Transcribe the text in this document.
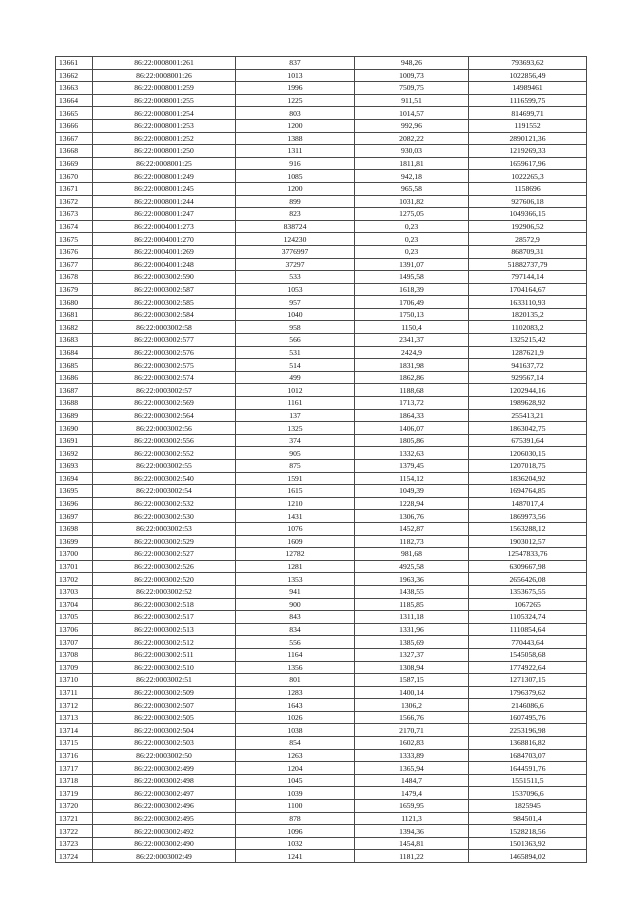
13661	86:22:0008001:261	837	948,26	793693,62
13662	86:22:0008001:26	1013	1009,73	1022856,49
13663	86:22:0008001:259	1996	7509,75	14989461
13664	86:22:0008001:255	1225	911,51	1116599,75
13665	86:22:0008001:254	803	1014,57	814699,71
13666	86:22:0008001:253	1200	992,96	1191552
13667	86:22:0008001:252	1388	2082,22	2890121,36
13668	86:22:0008001:250	1311	930,03	1219269,33
13669	86:22:0008001:25	916	1811,81	1659617,96
13670	86:22:0008001:249	1085	942,18	1022265,3
13671	86:22:0008001:245	1200	965,58	1158696
13672	86:22:0008001:244	899	1031,82	927606,18
13673	86:22:0008001:247	823	1275,05	1049366,15
13674	86:22:0004001:273	838724	0,23	192906,52
13675	86:22:0004001:270	124230	0,23	28572,9
13676	86:22:0004001:269	3776997	0,23	868709,31
13677	86:22:0004001:248	37297	1391,07	51882737,79
13678	86:22:0003002:590	533	1495,58	797144,14
13679	86:22:0003002:587	1053	1618,39	1704164,67
13680	86:22:0003002:585	957	1706,49	1633110,93
13681	86:22:0003002:584	1040	1750,13	1820135,2
13682	86:22:0003002:58	958	1150,4	1102083,2
13683	86:22:0003002:577	566	2341,37	1325215,42
13684	86:22:0003002:576	531	2424,9	1287621,9
13685	86:22:0003002:575	514	1831,98	941637,72
13686	86:22:0003002:574	499	1862,86	929567,14
13687	86:22:0003002:57	1012	1188,68	1202944,16
13688	86:22:0003002:569	1161	1713,72	1989628,92
13689	86:22:0003002:564	137	1864,33	255413,21
13690	86:22:0003002:56	1325	1406,07	1863042,75
13691	86:22:0003002:556	374	1805,86	675391,64
13692	86:22:0003002:552	905	1332,63	1206030,15
13693	86:22:0003002:55	875	1379,45	1207018,75
13694	86:22:0003002:540	1591	1154,12	1836204,92
13695	86:22:0003002:54	1615	1049,39	1694764,85
13696	86:22:0003002:532	1210	1228,94	1487017,4
13697	86:22:0003002:530	1431	1306,76	1869973,56
13698	86:22:0003002:53	1076	1452,87	1563288,12
13699	86:22:0003002:529	1609	1182,73	1903012,57
13700	86:22:0003002:527	12782	981,68	12547833,76
13701	86:22:0003002:526	1281	4925,58	6309667,98
13702	86:22:0003002:520	1353	1963,36	2656426,08
13703	86:22:0003002:52	941	1438,55	1353675,55
13704	86:22:0003002:518	900	1185,85	1067265
13705	86:22:0003002:517	843	1311,18	1105324,74
13706	86:22:0003002:513	834	1331,96	1110854,64
13707	86:22:0003002:512	556	1385,69	770443,64
13708	86:22:0003002:511	1164	1327,37	1545058,68
13709	86:22:0003002:510	1356	1308,94	1774922,64
13710	86:22:0003002:51	801	1587,15	1271307,15
13711	86:22:0003002:509	1283	1400,14	1796379,62
13712	86:22:0003002:507	1643	1306,2	2146086,6
13713	86:22:0003002:505	1026	1566,76	1607495,76
13714	86:22:0003002:504	1038	2170,71	2253196,98
13715	86:22:0003002:503	854	1602,83	1368816,82
13716	86:22:0003002:50	1263	1333,89	1684703,07
13717	86:22:0003002:499	1204	1365,94	1644591,76
13718	86:22:0003002:498	1045	1484,7	1551511,5
13719	86:22:0003002:497	1039	1479,4	1537096,6
13720	86:22:0003002:496	1100	1659,95	1825945
13721	86:22:0003002:495	878	1121,3	984501,4
13722	86:22:0003002:492	1096	1394,36	1528218,56
13723	86:22:0003002:490	1032	1454,81	1501363,92
13724	86:22:0003002:49	1241	1181,22	1465894,02
